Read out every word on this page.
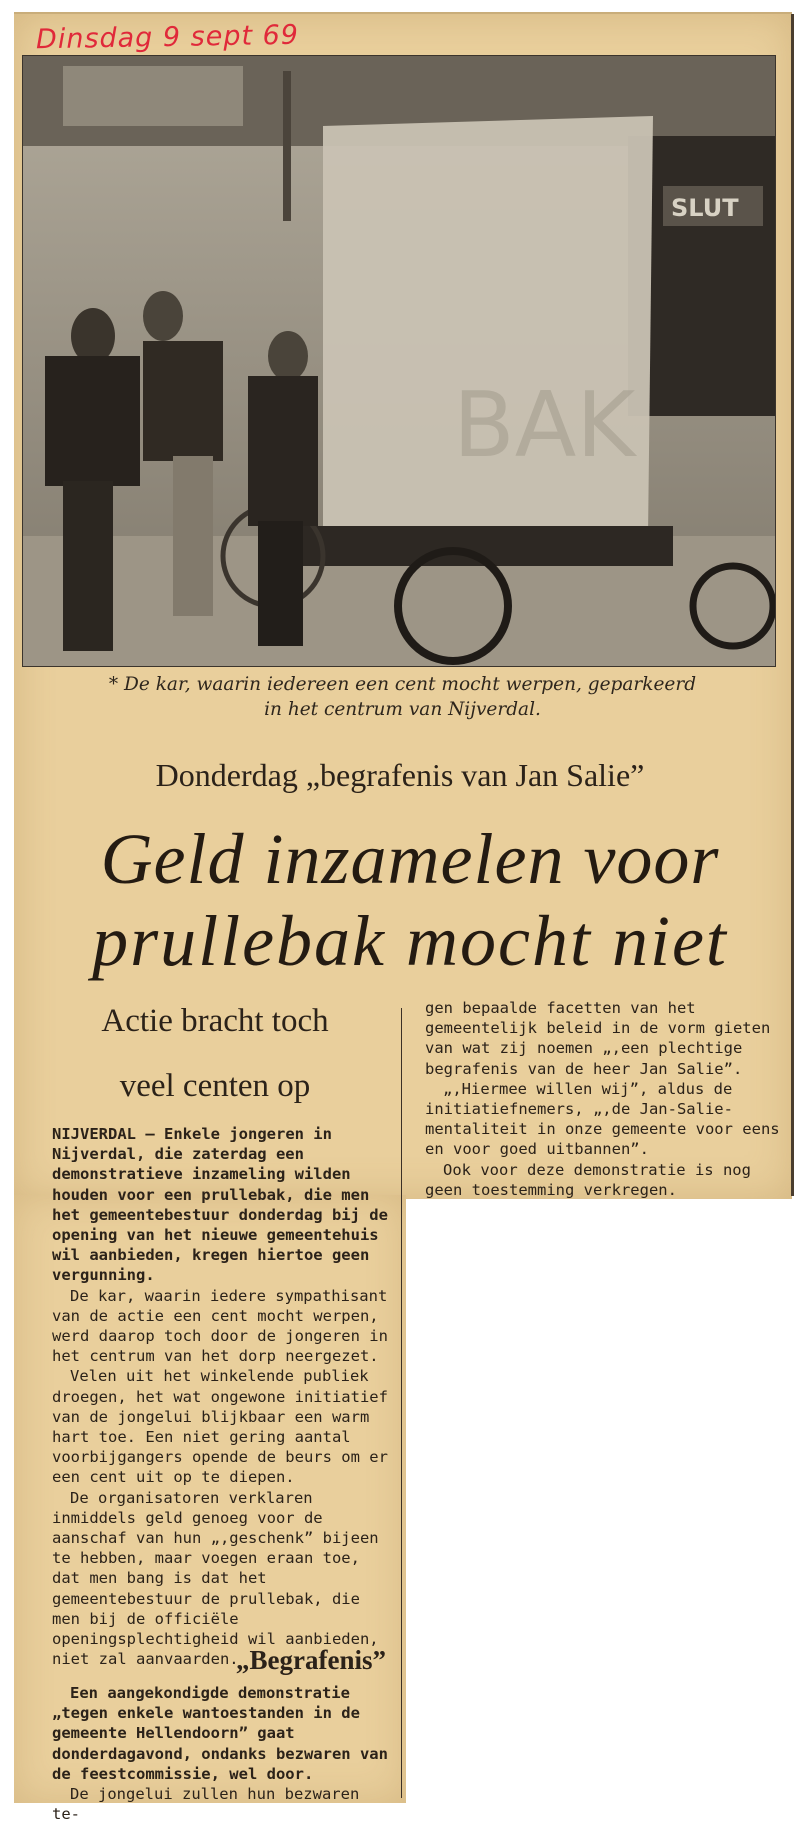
Dinsdag 9 sept 69
SLUT
BAK
* De kar, waarin iedereen een cent mocht werpen, geparkeerd
in het centrum van Nijverdal.
Donderdag „begrafenis van Jan Salie”
Geld inzamelen voor
prullebak mocht niet
Actie bracht toch
veel centen op

NIJVERDAL — Enkele jongeren in Nijverdal, die zaterdag een demonstratieve inzameling wilden houden voor een prullebak, die men het gemeentebestuur donderdag bij de opening van het nieuwe gemeentehuis wil aanbieden, kregen hiertoe geen vergunning.

De kar, waarin iedere sympathisant van de actie een cent mocht werpen, werd daarop toch door de jongeren in het centrum van het dorp neergezet.

Velen uit het winkelende publiek droegen, het wat ongewone initiatief van de jongelui blijkbaar een warm hart toe. Een niet gering aantal voorbijgangers opende de beurs om er een cent uit op te diepen.

De organisatoren verklaren inmiddels geld genoeg voor de aanschaf van hun „,geschenk” bijeen te hebben, maar voegen eraan toe, dat men bang is dat het gemeentebestuur de prullebak, die men bij de officiële openingsplechtigheid wil aanbieden, niet zal aanvaarden.

„Begrafenis”

Een aangekondigde demonstratie „tegen enkele wantoestanden in de gemeente Hellendoorn” gaat donderdagavond, ondanks bezwaren van de feestcommissie, wel door.

De jongelui zullen hun bezwaren te-

gen bepaalde facetten van het gemeentelijk beleid in de vorm gieten van wat zij noemen „,een plechtige begrafenis van de heer Jan Salie”.

„,Hiermee willen wij”, aldus de initiatiefnemers, „,de Jan-Salie-mentaliteit in onze gemeente voor eens en voor goed uitbannen”.

Ook voor deze demonstratie is nog geen toestemming verkregen.
